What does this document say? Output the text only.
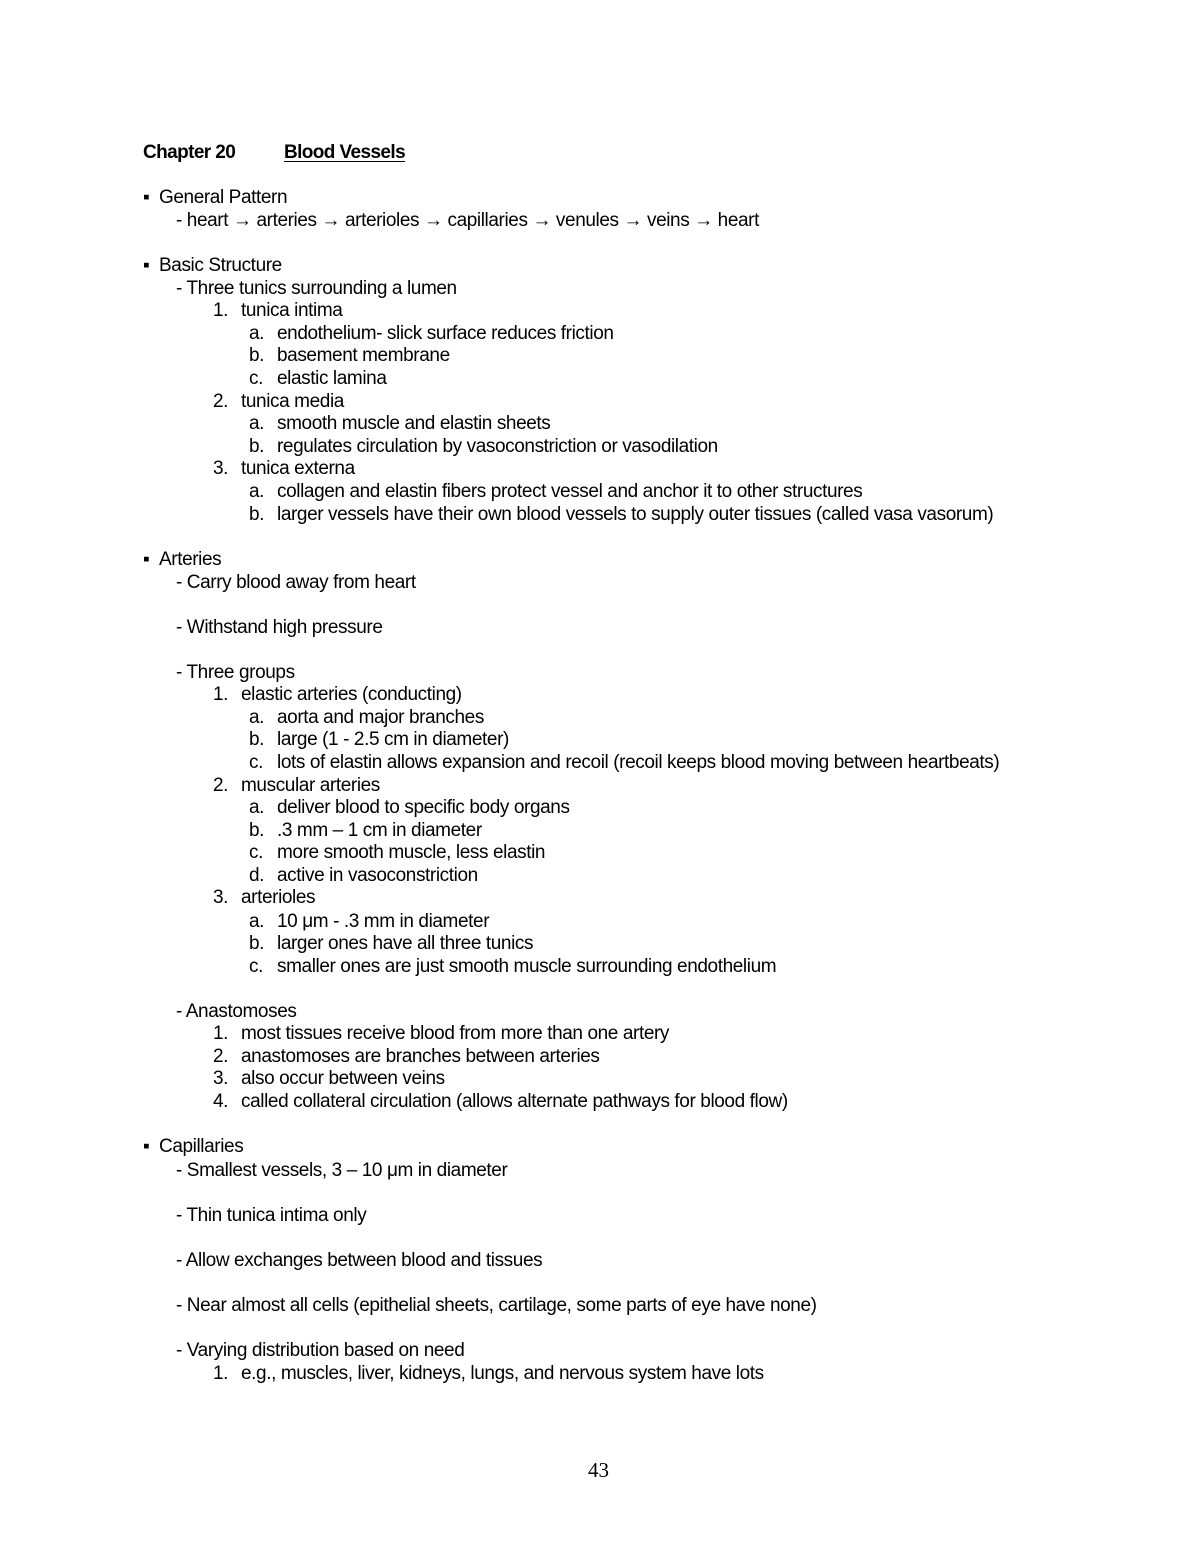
Chapter 20	Blood Vessels
▪ General Pattern
- heart → arteries → arterioles → capillaries → venules → veins → heart
▪ Basic Structure
- Three tunics surrounding a lumen
1. tunica intima
a. endothelium- slick surface reduces friction
b. basement membrane
c. elastic lamina
2. tunica media
a. smooth muscle and elastin sheets
b. regulates circulation by vasoconstriction or vasodilation
3. tunica externa
a. collagen and elastin fibers protect vessel and anchor it to other structures
b. larger vessels have their own blood vessels to supply outer tissues (called vasa vasorum)
▪ Arteries
- Carry blood away from heart
- Withstand high pressure
- Three groups
1. elastic arteries (conducting)
a. aorta and major branches
b. large (1 - 2.5 cm in diameter)
c. lots of elastin allows expansion and recoil (recoil keeps blood moving between heartbeats)
2. muscular arteries
a. deliver blood to specific body organs
b. .3 mm – 1 cm in diameter
c. more smooth muscle, less elastin
d. active in vasoconstriction
3. arterioles
a. 10 μm - .3 mm in diameter
b. larger ones have all three tunics
c. smaller ones are just smooth muscle surrounding endothelium
- Anastomoses
1. most tissues receive blood from more than one artery
2. anastomoses are branches between arteries
3. also occur between veins
4. called collateral circulation (allows alternate pathways for blood flow)
▪ Capillaries
- Smallest vessels, 3 – 10 μm in diameter
- Thin tunica intima only
- Allow exchanges between blood and tissues
- Near almost all cells (epithelial sheets, cartilage, some parts of eye have none)
- Varying distribution based on need
1. e.g., muscles, liver, kidneys, lungs, and nervous system have lots
43
